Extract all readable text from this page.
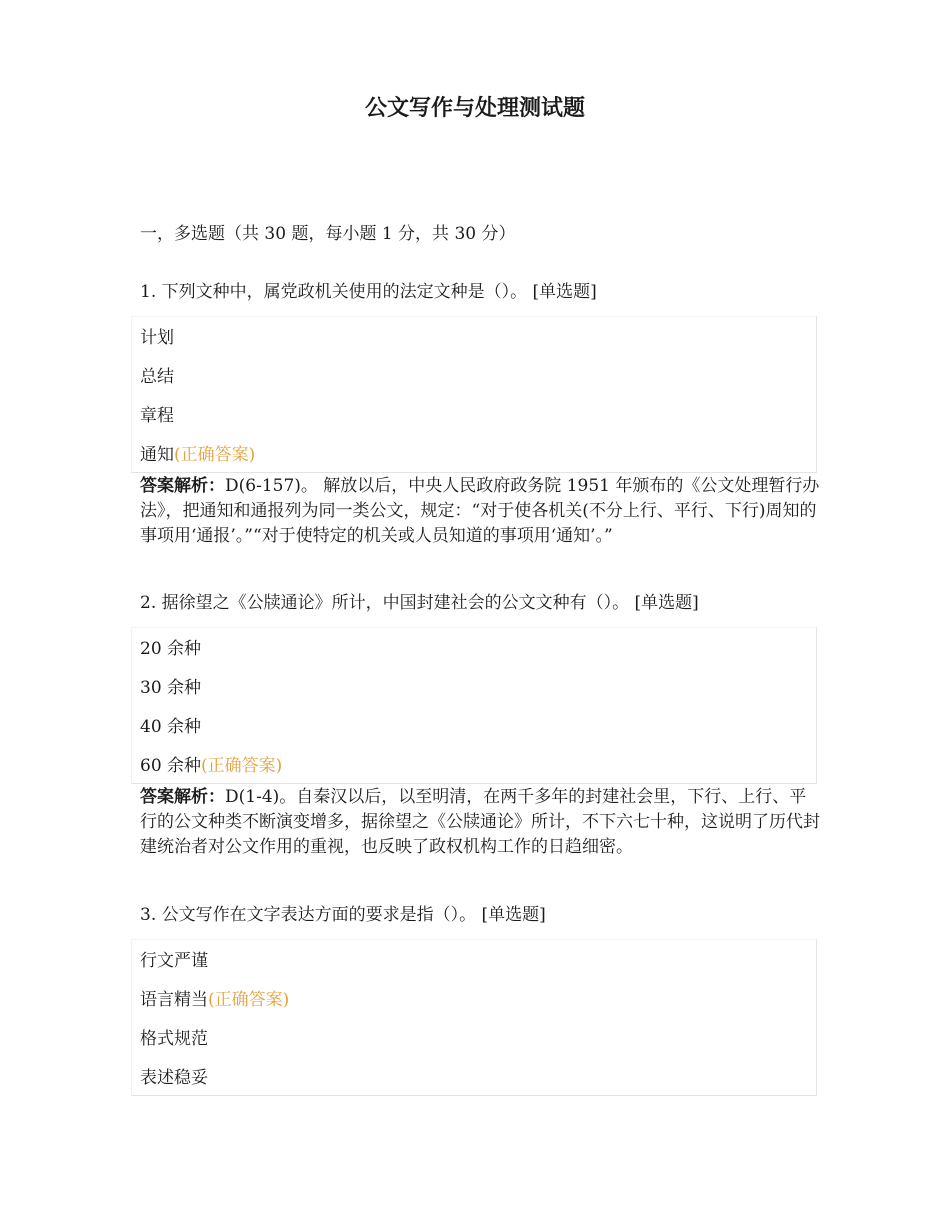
公文写作与处理测试题
一，多选题（共 30 题，每小题 1 分，共 30 分）
1. 下列文种中，属党政机关使用的法定文种是（）。 [单选题]
计划
总结
章程
通知(正确答案)
答案解析：D(6-157)。 解放以后，中央人民政府政务院 1951 年颁布的《公文处理暂行办法》，把通知和通报列为同一类公文，规定：“对于使各机关(不分上行、平行、下行)周知的事项用‘通报’。”“对于使特定的机关或人员知道的事项用‘通知’。”
2. 据徐望之《公牍通论》所计，中国封建社会的公文文种有（）。 [单选题]
20 余种
30 余种
40 余种
60 余种(正确答案)
答案解析：D(1-4)。自秦汉以后，以至明清，在两千多年的封建社会里，下行、上行、平行的公文种类不断演变增多，据徐望之《公牍通论》所计，不下六七十种，这说明了历代封建统治者对公文作用的重视，也反映了政权机构工作的日趋细密。
3. 公文写作在文字表达方面的要求是指（）。 [单选题]
行文严谨
语言精当(正确答案)
格式规范
表述稳妥
